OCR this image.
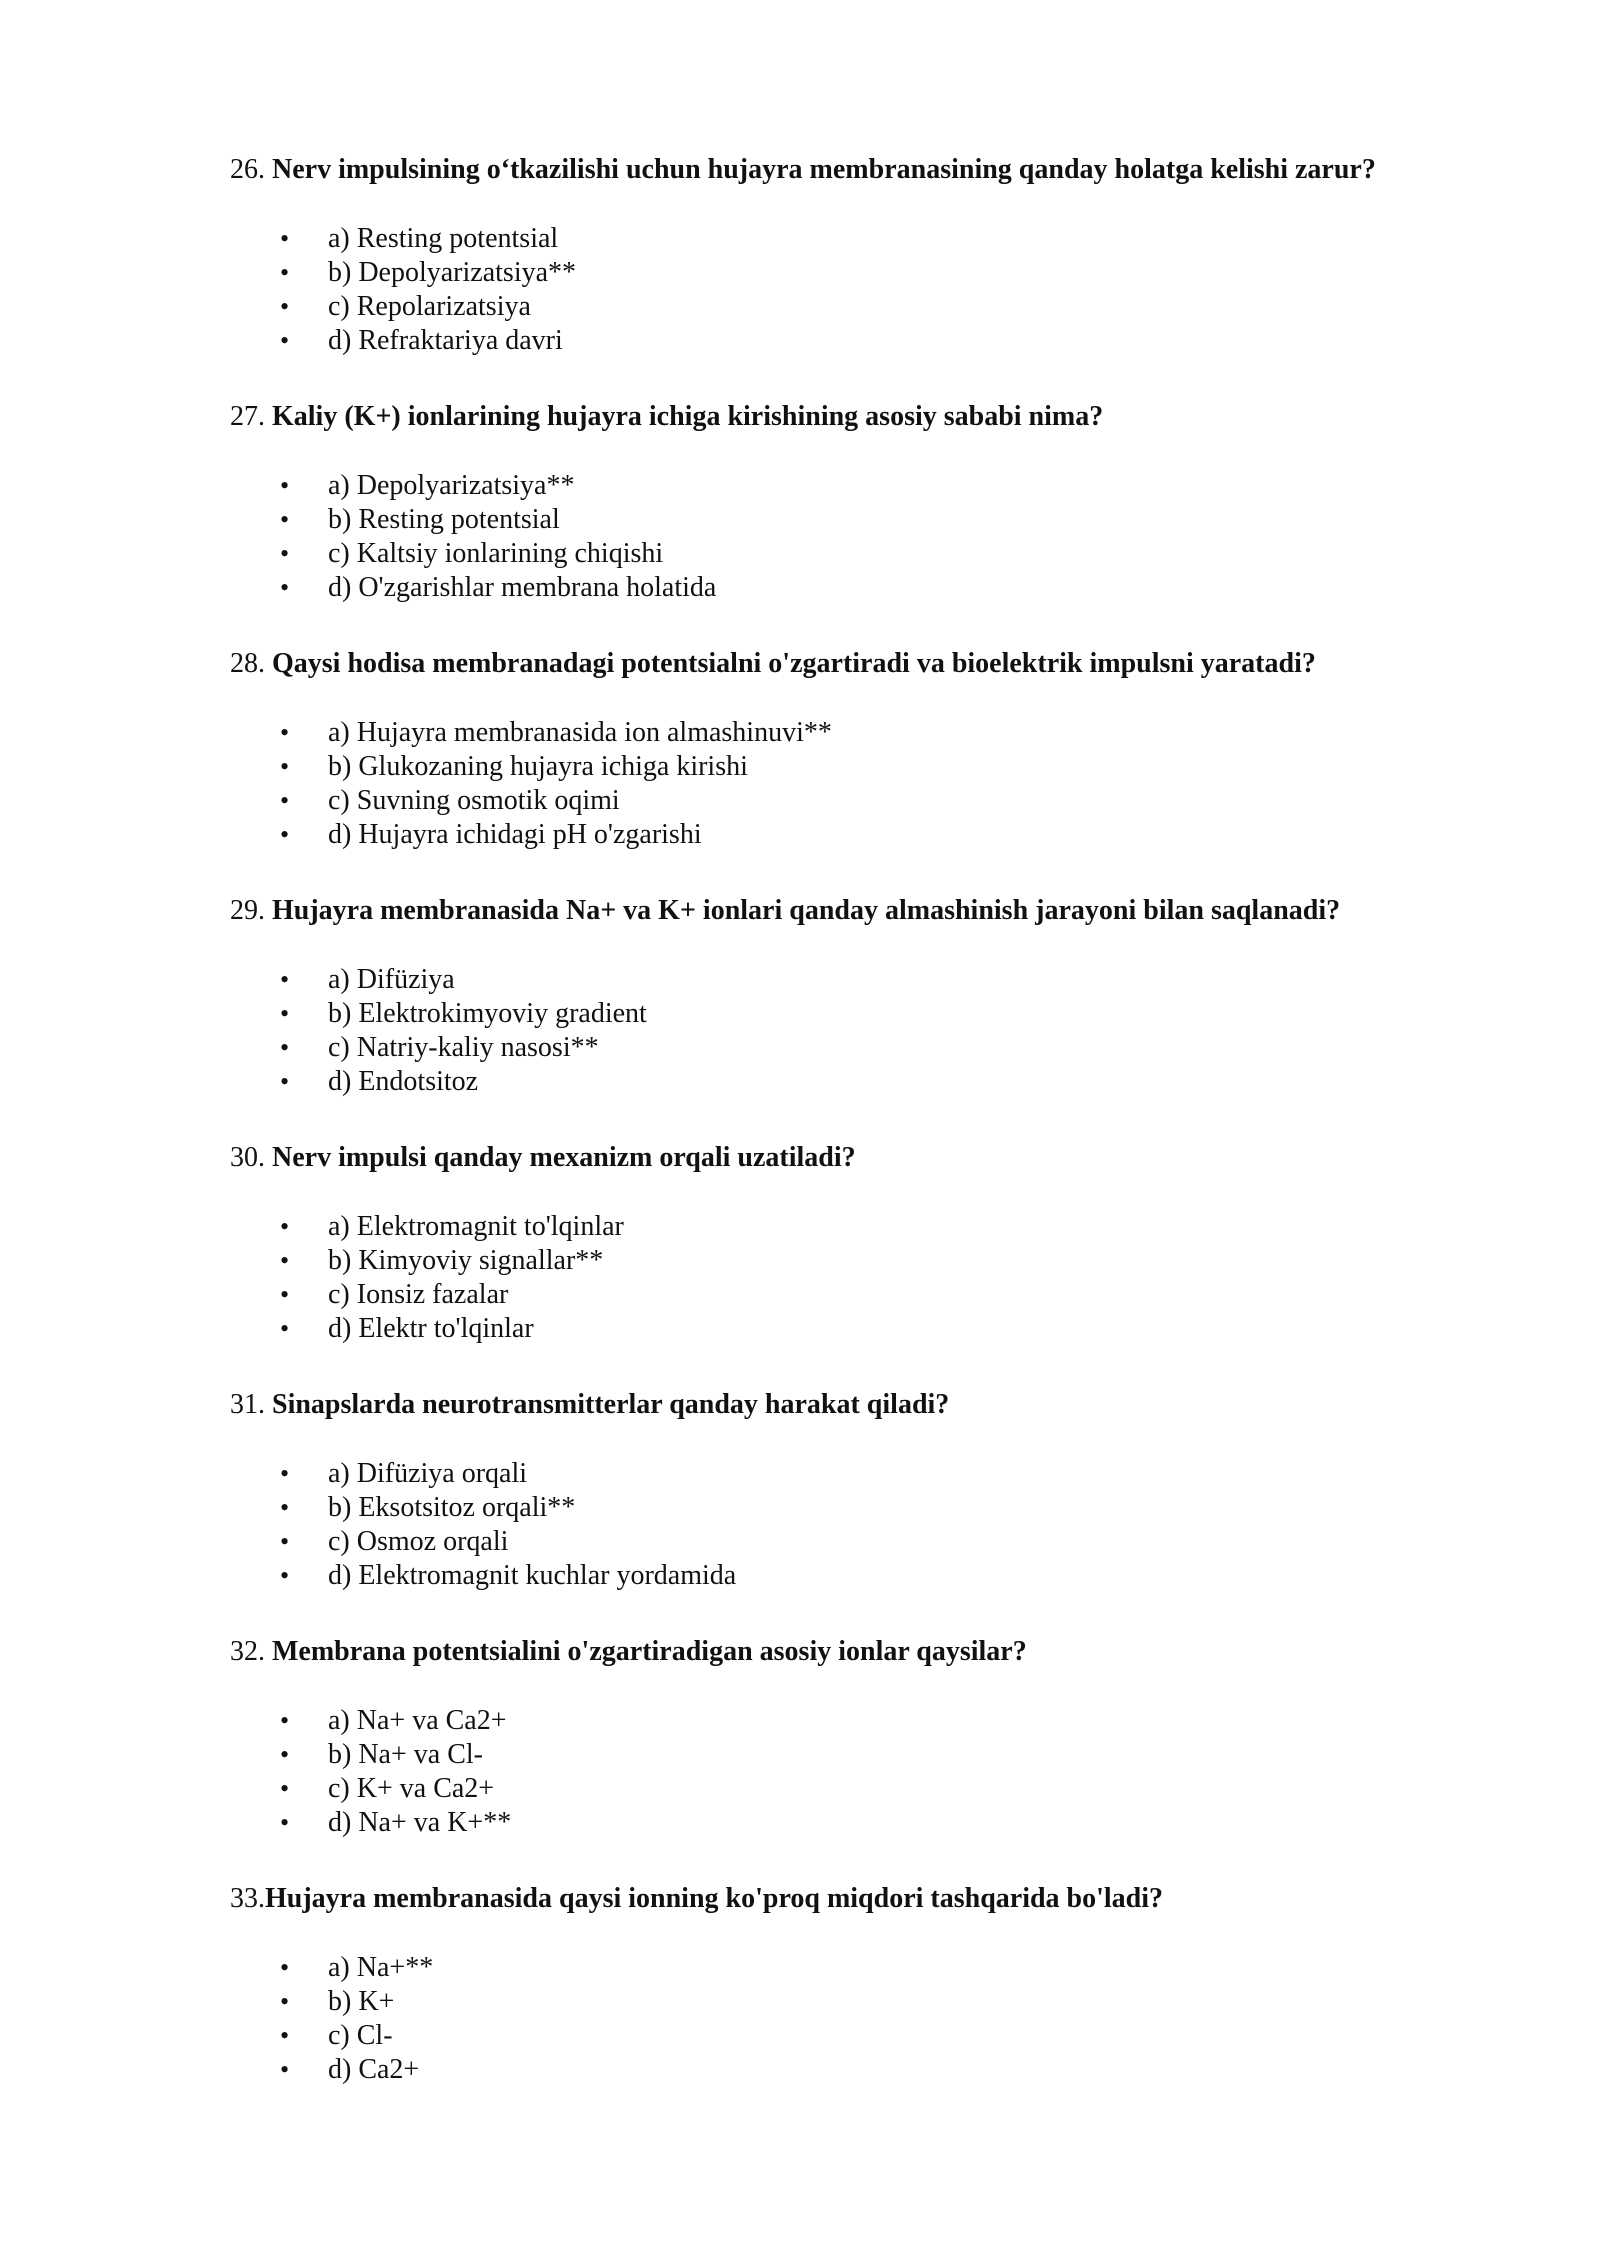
26. Nerv impulsining o‘tkazilishi uchun hujayra membranasining qanday holatga kelishi zarur?
• a) Resting potentsial
• b) Depolyarizatsiya**
• c) Repolarizatsiya
• d) Refraktariya davri
27. Kaliy (K+) ionlarining hujayra ichiga kirishining asosiy sababi nima?
• a) Depolyarizatsiya**
• b) Resting potentsial
• c) Kaltsiy ionlarining chiqishi
• d) O'zgarishlar membrana holatida
28. Qaysi hodisa membranadagi potentsialni o'zgartiradi va bioelektrik impulsni yaratadi?
• a) Hujayra membranasida ion almashinuvi**
• b) Glukozaning hujayra ichiga kirishi
• c) Suvning osmotik oqimi
• d) Hujayra ichidagi pH o'zgarishi
29. Hujayra membranasida Na+ va K+ ionlari qanday almashinish jarayoni bilan saqlanadi?
• a) Difüziya
• b) Elektrokimyoviy gradient
• c) Natriy-kaliy nasosi**
• d) Endotsitoz
30. Nerv impulsi qanday mexanizm orqali uzatiladi?
• a) Elektromagnit to'lqinlar
• b) Kimyoviy signallar**
• c) Ionsiz fazalar
• d) Elektr to'lqinlar
31. Sinapslarda neurotransmitterlar qanday harakat qiladi?
• a) Difüziya orqali
• b) Eksotsitoz orqali**
• c) Osmoz orqali
• d) Elektromagnit kuchlar yordamida
32. Membrana potentsialini o'zgartiradigan asosiy ionlar qaysilar?
• a) Na+ va Ca2+
• b) Na+ va Cl-
• c) K+ va Ca2+
• d) Na+ va K+**
33.Hujayra membranasida qaysi ionning ko'proq miqdori tashqarida bo'ladi?
• a) Na+**
• b) K+
• c) Cl-
• d) Ca2+
